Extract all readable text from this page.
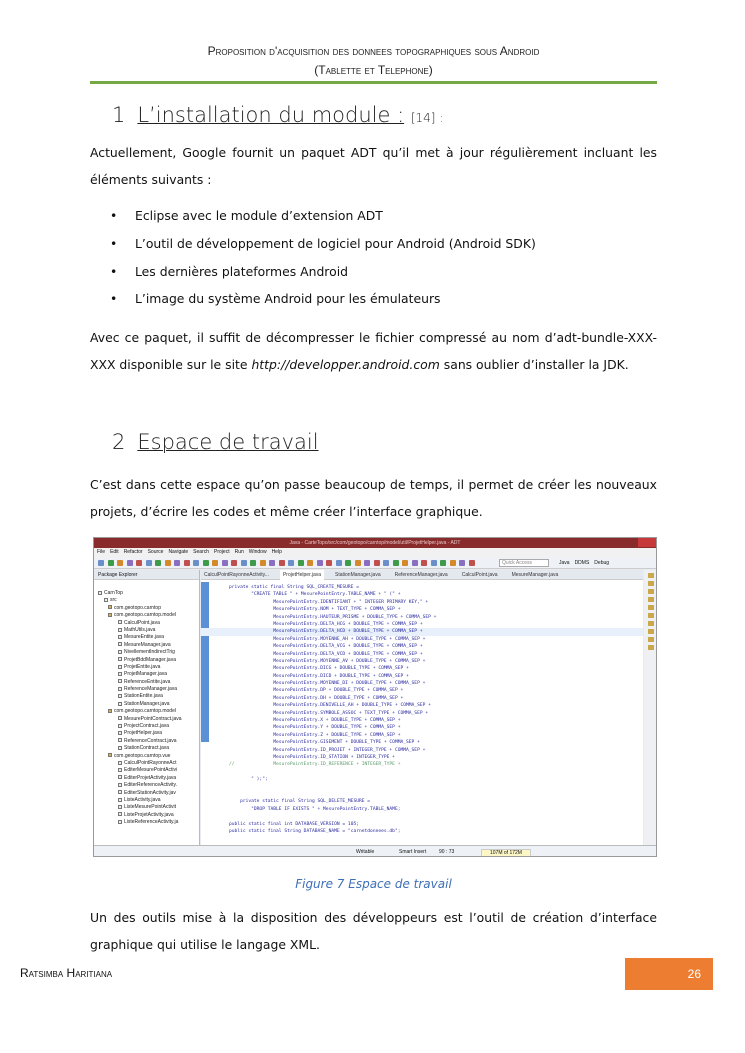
Proposition d'acquisition des donnees topographiques sous Android
(Tablette et Telephone)
1 L’installation du module : [14] :
Actuellement, Google fournit un paquet ADT qu’il met à jour régulièrement incluant les éléments suivants :
• Eclipse avec le module d’extension ADT
• L’outil de développement de logiciel pour Android (Android SDK)
• Les dernières plateformes Android
• L’image du système Android pour les émulateurs
Avec ce paquet, il suffit de décompresser le fichier compressé au nom d’adt-bundle-XXX-XXX disponible sur le site http://developper.android.com sans oublier d’installer la JDK.
2 Espace de travail
C’est dans cette espace qu’on passe beaucoup de temps, il permet de créer les nouveaux projets, d’écrire les codes et même créer l’interface graphique.
Java - CarteTopo/src/com/geotopo/carntop/model/util/ProjetHelper.java - ADT
File Edit Refactor Source Navigate Search Project Run Window Help
Quick Access	Java DDMS Debug
Package Explorer
CarnTop
src
com.geotopo.carntop
com.geotopo.carntop.model
CalculPoint.java
MathUtils.java
MesureEntite.java
MesureManager.java
NivellementIndirectTrig
ProjetBddManager.java
ProjetEntite.java
ProjetManager.java
ReferenceEntite.java
ReferenceManager.java
StationEntite.java
StationManager.java
com.geotopo.carntop.model
MesurePointContract.java
ProjectContract.java
ProjetHelper.java
ReferenceContract.java
StationContract.java
com.geotopo.carntop.vue
CalculPointRayonneAct
EditerMesurePointActivi
EditerProjetActivity.java
EditerReferenceActivity.
EditerStationActivity.jav
ListeActivity.java
ListeMesurePointActivit
ListeProjetActivity.java
ListeReferenceActivity.ja
CalculPointRayonneActivity...	ProjetHelper.java	StationManager.java	ReferenceManager.java	CalculPoint.java	MesureManager.java
private static final String SQL_CREATE_MESURE =
"CREATE TABLE " + MesurePointEntry.TABLE_NAME + " (" +
MesurePointEntry.IDENTIFIANT + " INTEGER PRIMARY KEY," +
MesurePointEntry.NOM + TEXT_TYPE + COMMA_SEP +
MesurePointEntry.HAUTEUR_PRISME + DOUBLE_TYPE + COMMA_SEP +
MesurePointEntry.DELTA_HCG + DOUBLE_TYPE + COMMA_SEP +
MesurePointEntry.DELTA_HCD + DOUBLE_TYPE + COMMA_SEP +
MesurePointEntry.MOYENNE_AH + DOUBLE_TYPE + COMMA_SEP +
MesurePointEntry.DELTA_VCG + DOUBLE_TYPE + COMMA_SEP +
MesurePointEntry.DELTA_VCD + DOUBLE_TYPE + COMMA_SEP +
MesurePointEntry.MOYENNE_AV + DOUBLE_TYPE + COMMA_SEP +
MesurePointEntry.DICG + DOUBLE_TYPE + COMMA_SEP +
MesurePointEntry.DICD + DOUBLE_TYPE + COMMA_SEP +
MesurePointEntry.MOYENNE_DI + DOUBLE_TYPE + COMMA_SEP +
MesurePointEntry.DP + DOUBLE_TYPE + COMMA_SEP +
MesurePointEntry.DH + DOUBLE_TYPE + COMMA_SEP +
MesurePointEntry.DENIVELLE_AH + DOUBLE_TYPE + COMMA_SEP +
MesurePointEntry.SYMBOLE_ASSOC + TEXT_TYPE + COMMA_SEP +
MesurePointEntry.X + DOUBLE_TYPE + COMMA_SEP +
MesurePointEntry.Y + DOUBLE_TYPE + COMMA_SEP +
MesurePointEntry.Z + DOUBLE_TYPE + COMMA_SEP +
MesurePointEntry.GISEMENT + DOUBLE_TYPE + COMMA_SEP +
MesurePointEntry.ID_PROJET + INTEGER_TYPE + COMMA_SEP +
MesurePointEntry.ID_STATION + INTEGER_TYPE +
//              MesurePointEntry.ID_REFERENCE + INTEGER_TYPE +
" );";
private static final String SQL_DELETE_MESURE =
"DROP TABLE IF EXISTS " + MesurePointEntry.TABLE_NAME;
public static final int DATABASE_VERSION = 105;
public static final String DATABASE_NAME = "carnetdonnees.db";
Writable	Smart Insert	90 : 73	107M of 172M
Figure 7 Espace de travail
Un des outils mise à la disposition des développeurs est l’outil de création d’interface graphique qui utilise le langage XML.
Ratsimba Haritiana	26
